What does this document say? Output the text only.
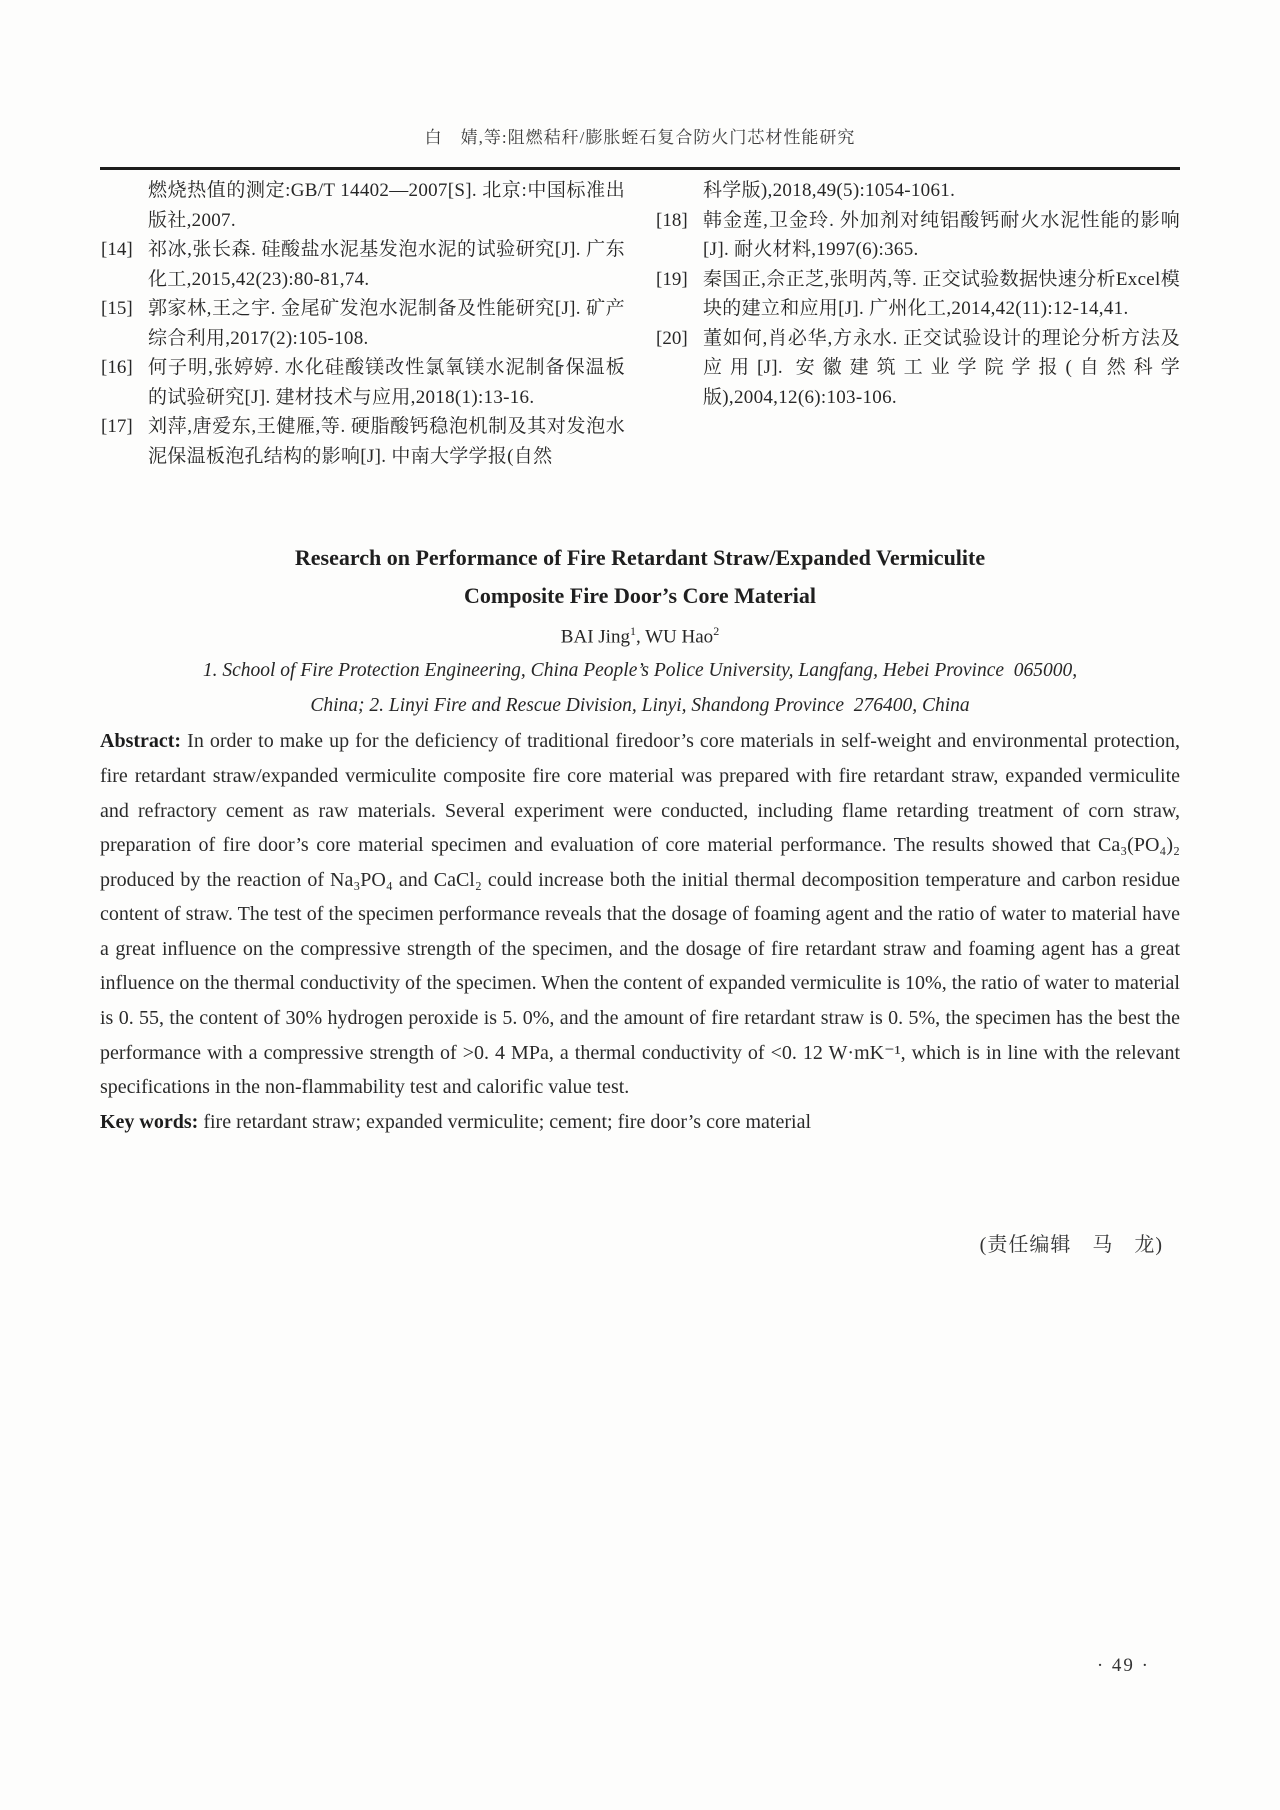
白　婧,等:阻燃秸秆/膨胀蛭石复合防火门芯材性能研究
燃烧热值的测定:GB/T 14402—2007[S]. 北京:中国标准出版社,2007.
[14] 祁冰,张长森. 硅酸盐水泥基发泡水泥的试验研究[J]. 广东化工,2015,42(23):80-81,74.
[15] 郭家林,王之宇. 金尾矿发泡水泥制备及性能研究[J]. 矿产综合利用,2017(2):105-108.
[16] 何子明,张婷婷. 水化硅酸镁改性氯氧镁水泥制备保温板的试验研究[J]. 建材技术与应用,2018(1):13-16.
[17] 刘萍,唐爱东,王健雁,等. 硬脂酸钙稳泡机制及其对发泡水泥保温板泡孔结构的影响[J]. 中南大学学报(自然
科学版),2018,49(5):1054-1061.
[18] 韩金莲,卫金玲. 外加剂对纯铝酸钙耐火水泥性能的影响[J]. 耐火材料,1997(6):365.
[19] 秦国正,佘正芝,张明芮,等. 正交试验数据快速分析Excel模块的建立和应用[J]. 广州化工,2014,42(11):12-14,41.
[20] 董如何,肖必华,方永水. 正交试验设计的理论分析方法及应用[J]. 安徽建筑工业学院学报(自然科学版),2004,12(6):103-106.
Research on Performance of Fire Retardant Straw/Expanded Vermiculite
Composite Fire Door’s Core Material
BAI Jing$^1$, WU Hao$^2$
1. School of Fire Protection Engineering, China People’s Police University, Langfang, Hebei Province  065000,
China; 2. Linyi Fire and Rescue Division, Linyi, Shandong Province  276400, China

Abstract: In order to make up for the deficiency of traditional firedoor’s core materials in self-weight and environmental protection, fire retardant straw/expanded vermiculite composite fire core material was prepared with fire retardant straw, expanded vermiculite and refractory cement as raw materials. Several experiment were conducted, including flame retarding treatment of corn straw, preparation of fire door’s core material specimen and evaluation of core material performance. The results showed that Ca₃(PO₄)₂ produced by the reaction of Na₃PO₄ and CaCl₂ could increase both the initial thermal decomposition temperature and carbon residue content of straw. The test of the specimen performance reveals that the dosage of foaming agent and the ratio of water to material have a great influence on the compressive strength of the specimen, and the dosage of fire retardant straw and foaming agent has a great influence on the thermal conductivity of the specimen. When the content of expanded vermiculite is 10%, the ratio of water to material is 0. 55, the content of 30% hydrogen peroxide is 5. 0%, and the amount of fire retardant straw is 0. 5%, the specimen has the best the performance with a compressive strength of >0. 4 MPa, a thermal conductivity of <0. 12 W·mK⁻¹, which is in line with the relevant specifications in the non-flammability test and calorific value test.

Key words: fire retardant straw; expanded vermiculite; cement; fire door’s core material

(责任编辑　马　龙)
· 49 ·
